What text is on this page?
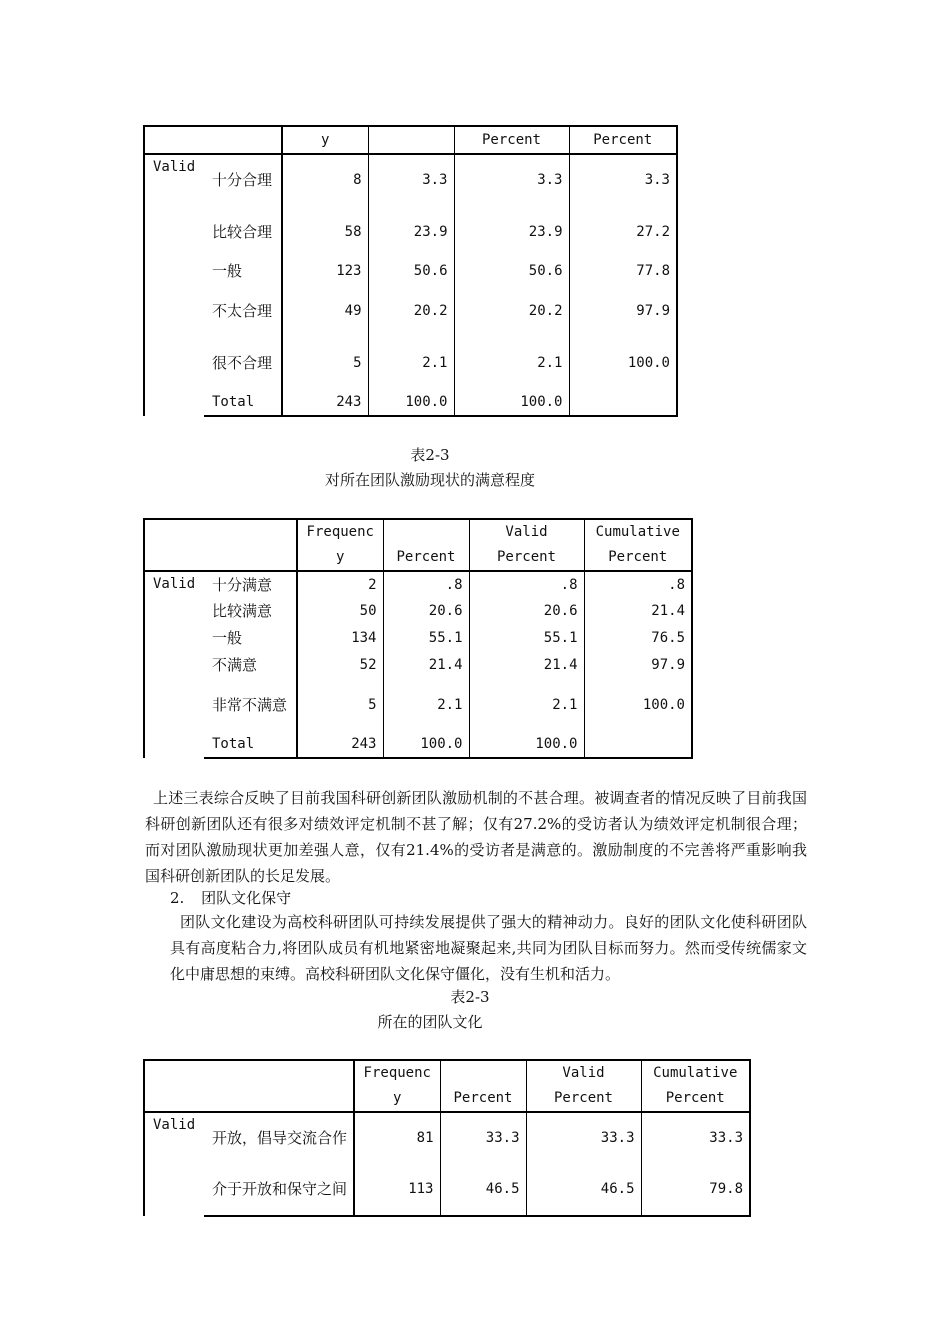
		y		Percent	Percent
Valid	十分合理	8	3.3	3.3	3.3
	比较合理	58	23.9	23.9	27.2
	一般	123	50.6	50.6	77.8
	不太合理	49	20.2	20.2	97.9
	很不合理	5	2.1	2.1	100.0
	Total	243	100.0	100.0	
表2-3
对所在团队激励现状的满意程度
		Frequency	Percent	Valid Percent	Cumulative Percent
Valid	十分满意	2	.8	.8	.8
	比较满意	50	20.6	20.6	21.4
	一般	134	55.1	55.1	76.5
	不满意	52	21.4	21.4	97.9
	非常不满意	5	2.1	2.1	100.0
	Total	243	100.0	100.0	

上述三表综合反映了目前我国科研创新团队激励机制的不甚合理。被调查者的情况反映了目前我国科研创新团队还有很多对绩效评定机制不甚了解；仅有27.2%的受访者认为绩效评定机制很合理；而对团队激励现状更加差强人意，仅有21.4%的受访者是满意的。激励制度的不完善将严重影响我国科研创新团队的长足发展。

2. 团队文化保守

团队文化建设为高校科研团队可持续发展提供了强大的精神动力。良好的团队文化使科研团队具有高度粘合力,将团队成员有机地紧密地凝聚起来,共同为团队目标而努力。然而受传统儒家文化中庸思想的束缚。高校科研团队文化保守僵化，没有生机和活力。

表2-3
所在的团队文化
		Frequency	Percent	Valid Percent	Cumulative Percent
Valid	开放，倡导交流合作	81	33.3	33.3	33.3
	介于开放和保守之间	113	46.5	46.5	79.8
